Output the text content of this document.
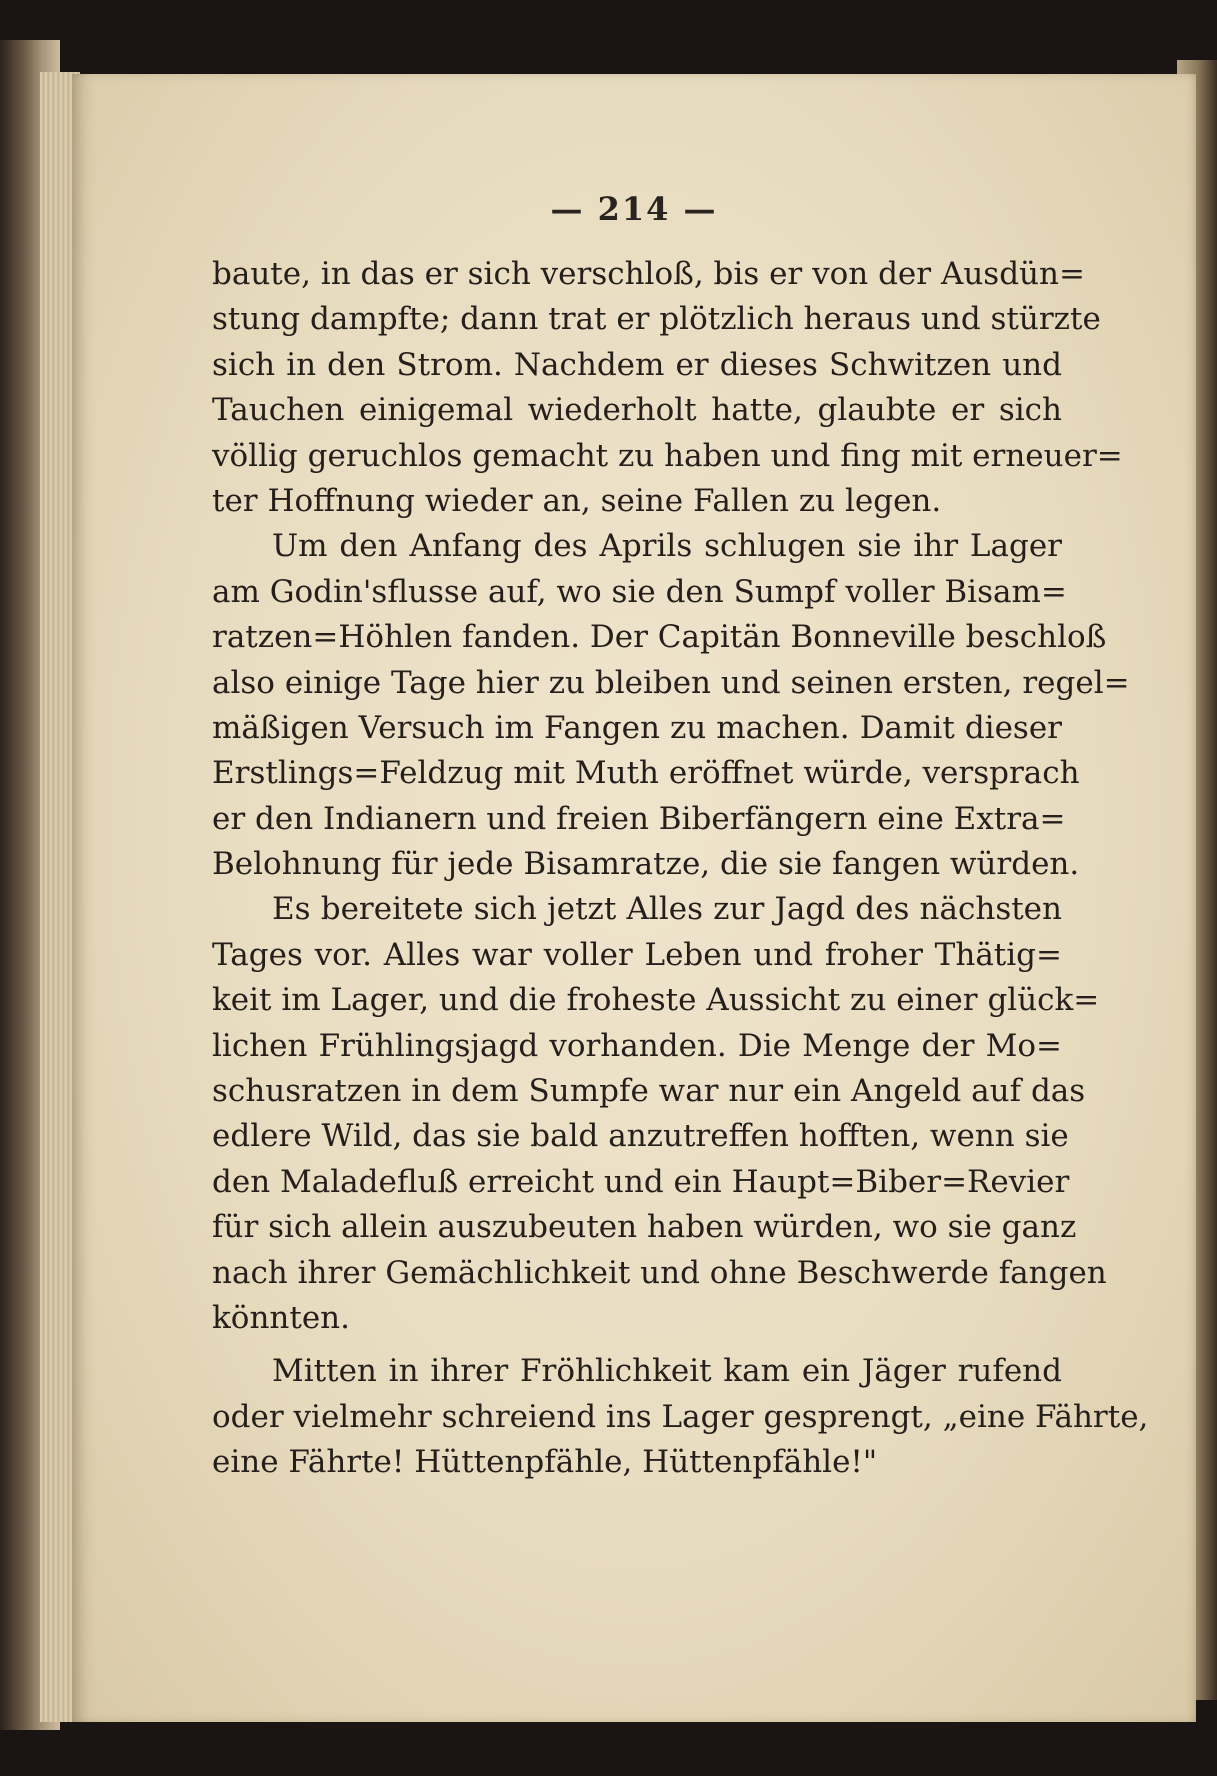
— 214 —
baute, in das er sich verschloß, bis er von der Ausdün=
stung dampfte; dann trat er plötzlich heraus und stürzte
sich in den Strom. Nachdem er dieses Schwitzen und
Tauchen einigemal wiederholt hatte, glaubte er sich
völlig geruchlos gemacht zu haben und fing mit erneuer=
ter Hoffnung wieder an, seine Fallen zu legen.
Um den Anfang des Aprils schlugen sie ihr Lager
am Godin'sflusse auf, wo sie den Sumpf voller Bisam=
ratzen=Höhlen fanden. Der Capitän Bonneville beschloß
also einige Tage hier zu bleiben und seinen ersten, regel=
mäßigen Versuch im Fangen zu machen. Damit dieser
Erstlings=Feldzug mit Muth eröffnet würde, versprach
er den Indianern und freien Biberfängern eine Extra=
Belohnung für jede Bisamratze, die sie fangen würden.
Es bereitete sich jetzt Alles zur Jagd des nächsten
Tages vor. Alles war voller Leben und froher Thätig=
keit im Lager, und die froheste Aussicht zu einer glück=
lichen Frühlingsjagd vorhanden. Die Menge der Mo=
schusratzen in dem Sumpfe war nur ein Angeld auf das
edlere Wild, das sie bald anzutreffen hofften, wenn sie
den Maladefluß erreicht und ein Haupt=Biber=Revier
für sich allein auszubeuten haben würden, wo sie ganz
nach ihrer Gemächlichkeit und ohne Beschwerde fangen
könnten.
Mitten in ihrer Fröhlichkeit kam ein Jäger rufend
oder vielmehr schreiend ins Lager gesprengt, „eine Fährte,
eine Fährte! Hüttenpfähle, Hüttenpfähle!"
